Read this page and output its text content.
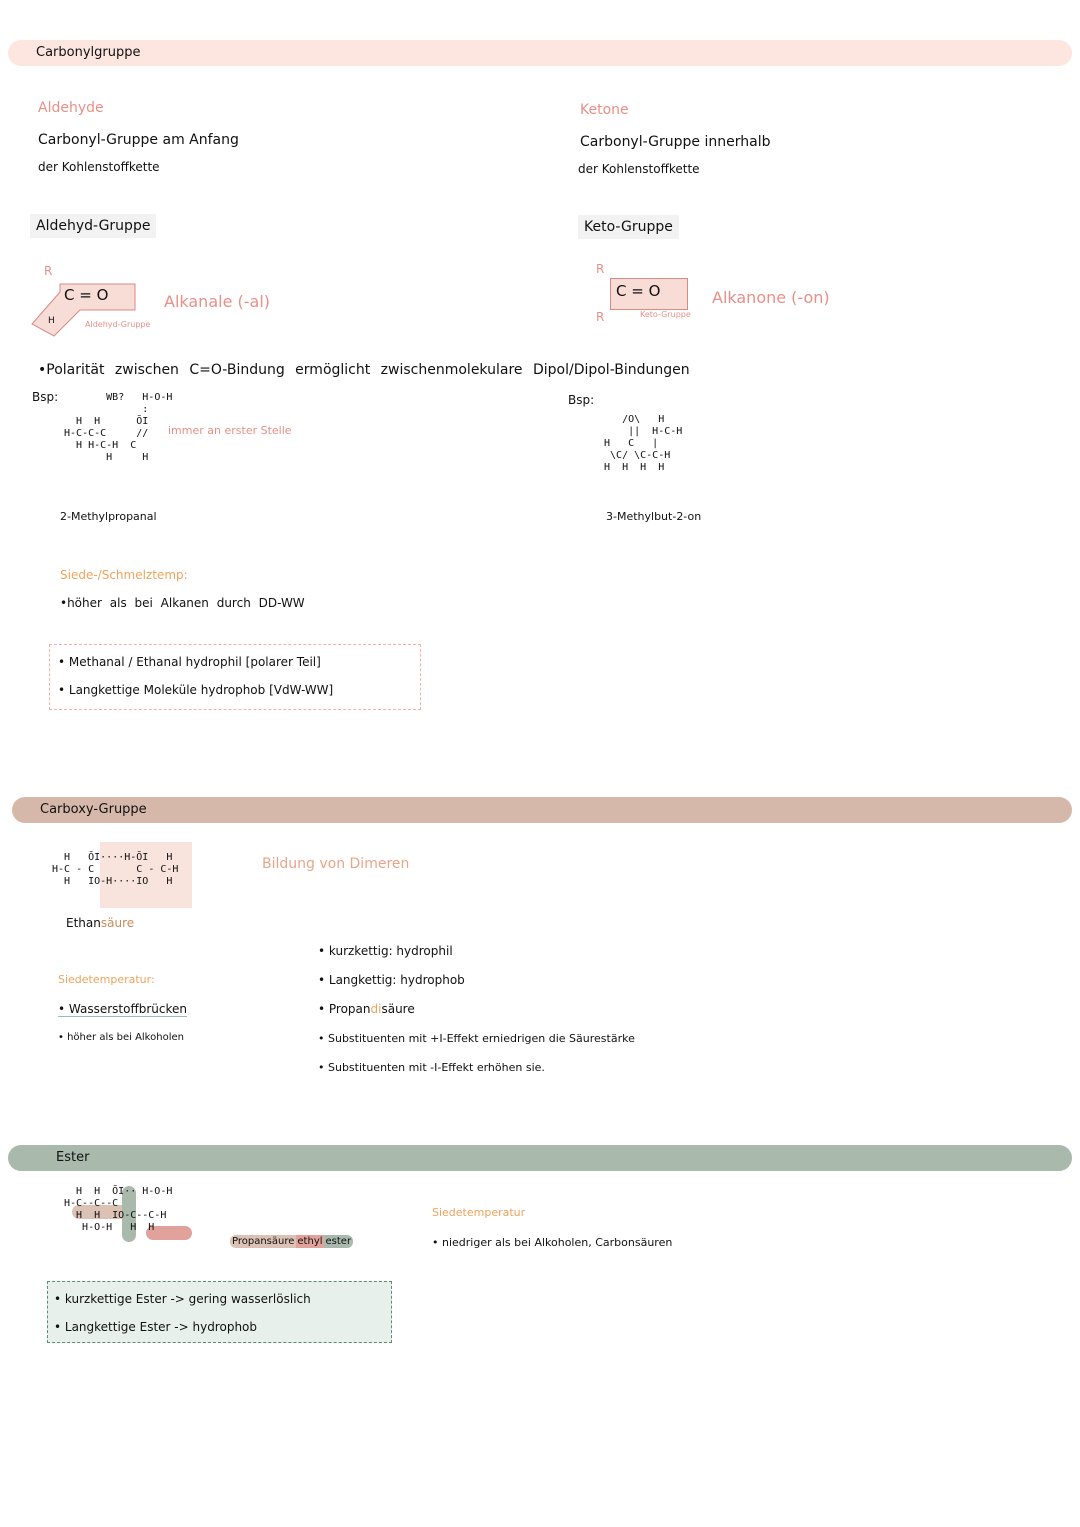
Carbonylgruppe
Aldehyde
Carbonyl-Gruppe am Anfang
der Kohlenstoffkette
Aldehyd-Gruppe
R
C = O
H	Aldehyd-Gruppe
Alkanale (-al)
Ketone
Carbonyl-Gruppe innerhalb
der Kohlenstoffkette
Keto-Gruppe
R
C = O
R	Keto-Gruppe
Alkanone (-on)
•Polarität zwischen C=O-Bindung ermöglicht zwischenmolekulare Dipol/Dipol-Bindungen
Bsp:	Bsp:
WB?   H-O-H
:
H  H      ŌI
H-C-C-C     //
H H-C-H  C
H     H
immer an erster Stelle
2-Methylpropanal
/O\   H
||  H-C-H
H   C   |
\C/ \C-C-H
H  H  H  H
3-Methylbut-2-on
Siede-/Schmelztemp:
•höher als bei Alkanen durch DD-WW
• Methanal / Ethanal hydrophil [polarer Teil]
• Langkettige Moleküle hydrophob [VdW-WW]
Carboxy-Gruppe
H   ŌI····H-ŌI   H
H-C - C       C - C-H
H   IO-H····IO   H
Ethansäure
Bildung von Dimeren
Siedetemperatur:
• Wasserstoffbrücken
• höher als bei Alkoholen
• kurzkettig: hydrophil
• Langkettig: hydrophob
• Propandisäure
• Substituenten mit +I-Effekt erniedrigen die Säurestärke
• Substituenten mit -I-Effekt erhöhen sie.
Ester
H  H  ŌI·· H-O-H
H-C--C--C
H  H  IO-C--C-H
H-O-H   H  H
Propansäure ethyl ester
Siedetemperatur
• niedriger als bei Alkoholen, Carbonsäuren
• kurzkettige Ester -> gering wasserlöslich
• Langkettige Ester -> hydrophob
